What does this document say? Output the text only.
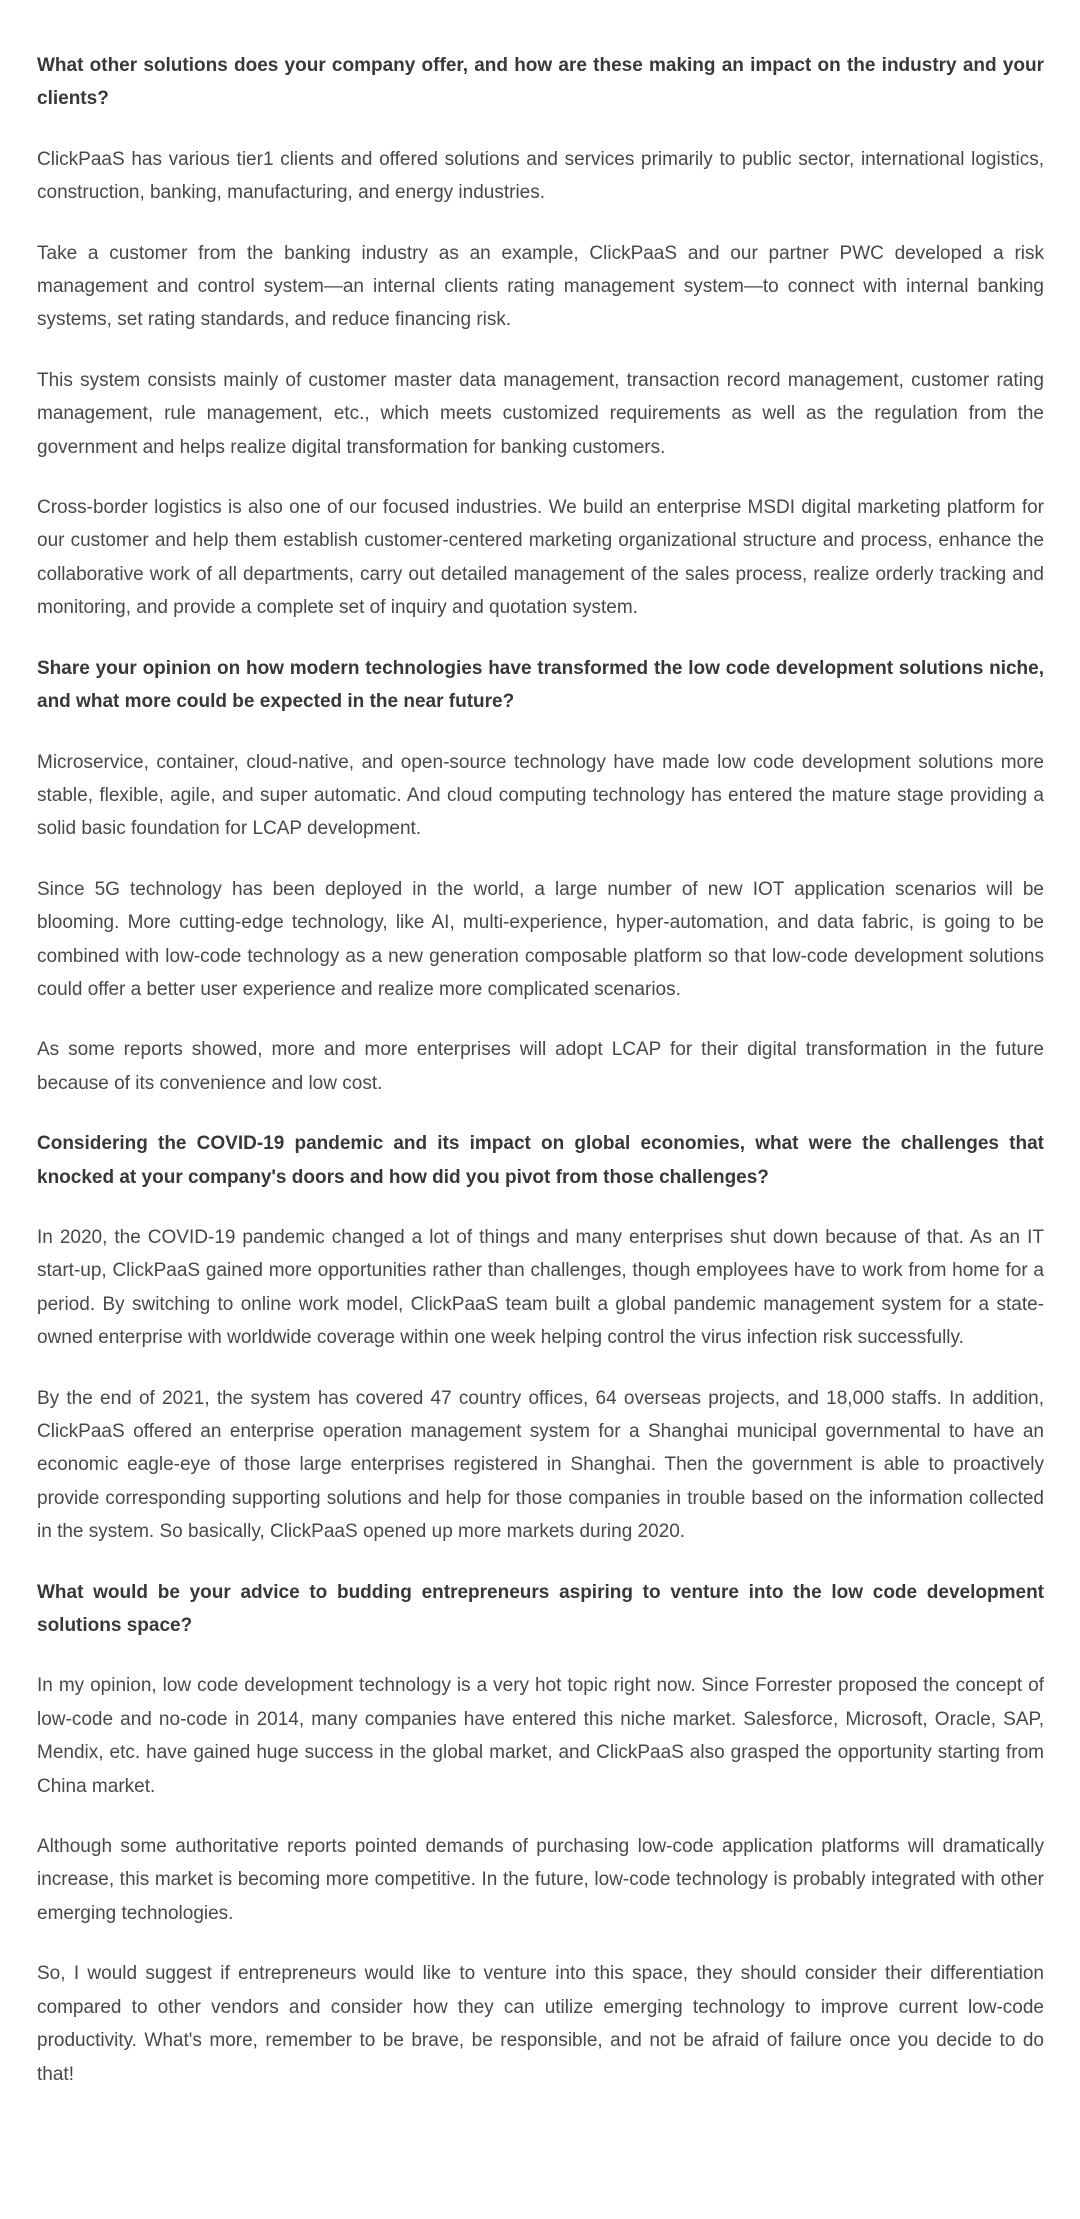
What other solutions does your company offer, and how are these making an impact on the industry and your clients?

ClickPaaS has various tier1 clients and offered solutions and services primarily to public sector, international logistics, construction, banking, manufacturing, and energy industries.

Take a customer from the banking industry as an example, ClickPaaS and our partner PWC developed a risk management and control system—an internal clients rating management system—to connect with internal banking systems, set rating standards, and reduce financing risk.

This system consists mainly of customer master data management, transaction record management, customer rating management, rule management, etc., which meets customized requirements as well as the regulation from the government and helps realize digital transformation for banking customers.

Cross-border logistics is also one of our focused industries. We build an enterprise MSDI digital marketing platform for our customer and help them establish customer-centered marketing organizational structure and process, enhance the collaborative work of all departments, carry out detailed management of the sales process, realize orderly tracking and monitoring, and provide a complete set of inquiry and quotation system.

Share your opinion on how modern technologies have transformed the low code development solutions niche, and what more could be expected in the near future?

Microservice, container, cloud-native, and open-source technology have made low code development solutions more stable, flexible, agile, and super automatic. And cloud computing technology has entered the mature stage providing a solid basic foundation for LCAP development.

Since 5G technology has been deployed in the world, a large number of new IOT application scenarios will be blooming. More cutting-edge technology, like AI, multi-experience, hyper-automation, and data fabric, is going to be combined with low-code technology as a new generation composable platform so that low-code development solutions could offer a better user experience and realize more complicated scenarios.

As some reports showed, more and more enterprises will adopt LCAP for their digital transformation in the future because of its convenience and low cost.

Considering the COVID-19 pandemic and its impact on global economies, what were the challenges that knocked at your company's doors and how did you pivot from those challenges?

In 2020, the COVID-19 pandemic changed a lot of things and many enterprises shut down because of that. As an IT start-up, ClickPaaS gained more opportunities rather than challenges, though employees have to work from home for a period. By switching to online work model, ClickPaaS team built a global pandemic management system for a state-owned enterprise with worldwide coverage within one week helping control the virus infection risk successfully.

By the end of 2021, the system has covered 47 country offices, 64 overseas projects, and 18,000 staffs. In addition, ClickPaaS offered an enterprise operation management system for a Shanghai municipal governmental to have an economic eagle-eye of those large enterprises registered in Shanghai. Then the government is able to proactively provide corresponding supporting solutions and help for those companies in trouble based on the information collected in the system. So basically, ClickPaaS opened up more markets during 2020.

What would be your advice to budding entrepreneurs aspiring to venture into the low code development solutions space?

In my opinion, low code development technology is a very hot topic right now. Since Forrester proposed the concept of low-code and no-code in 2014, many companies have entered this niche market. Salesforce, Microsoft, Oracle, SAP, Mendix, etc. have gained huge success in the global market, and ClickPaaS also grasped the opportunity starting from China market.

Although some authoritative reports pointed demands of purchasing low-code application platforms will dramatically increase, this market is becoming more competitive. In the future, low-code technology is probably integrated with other emerging technologies.

So, I would suggest if entrepreneurs would like to venture into this space, they should consider their differentiation compared to other vendors and consider how they can utilize emerging technology to improve current low-code productivity. What's more, remember to be brave, be responsible, and not be afraid of failure once you decide to do that!
